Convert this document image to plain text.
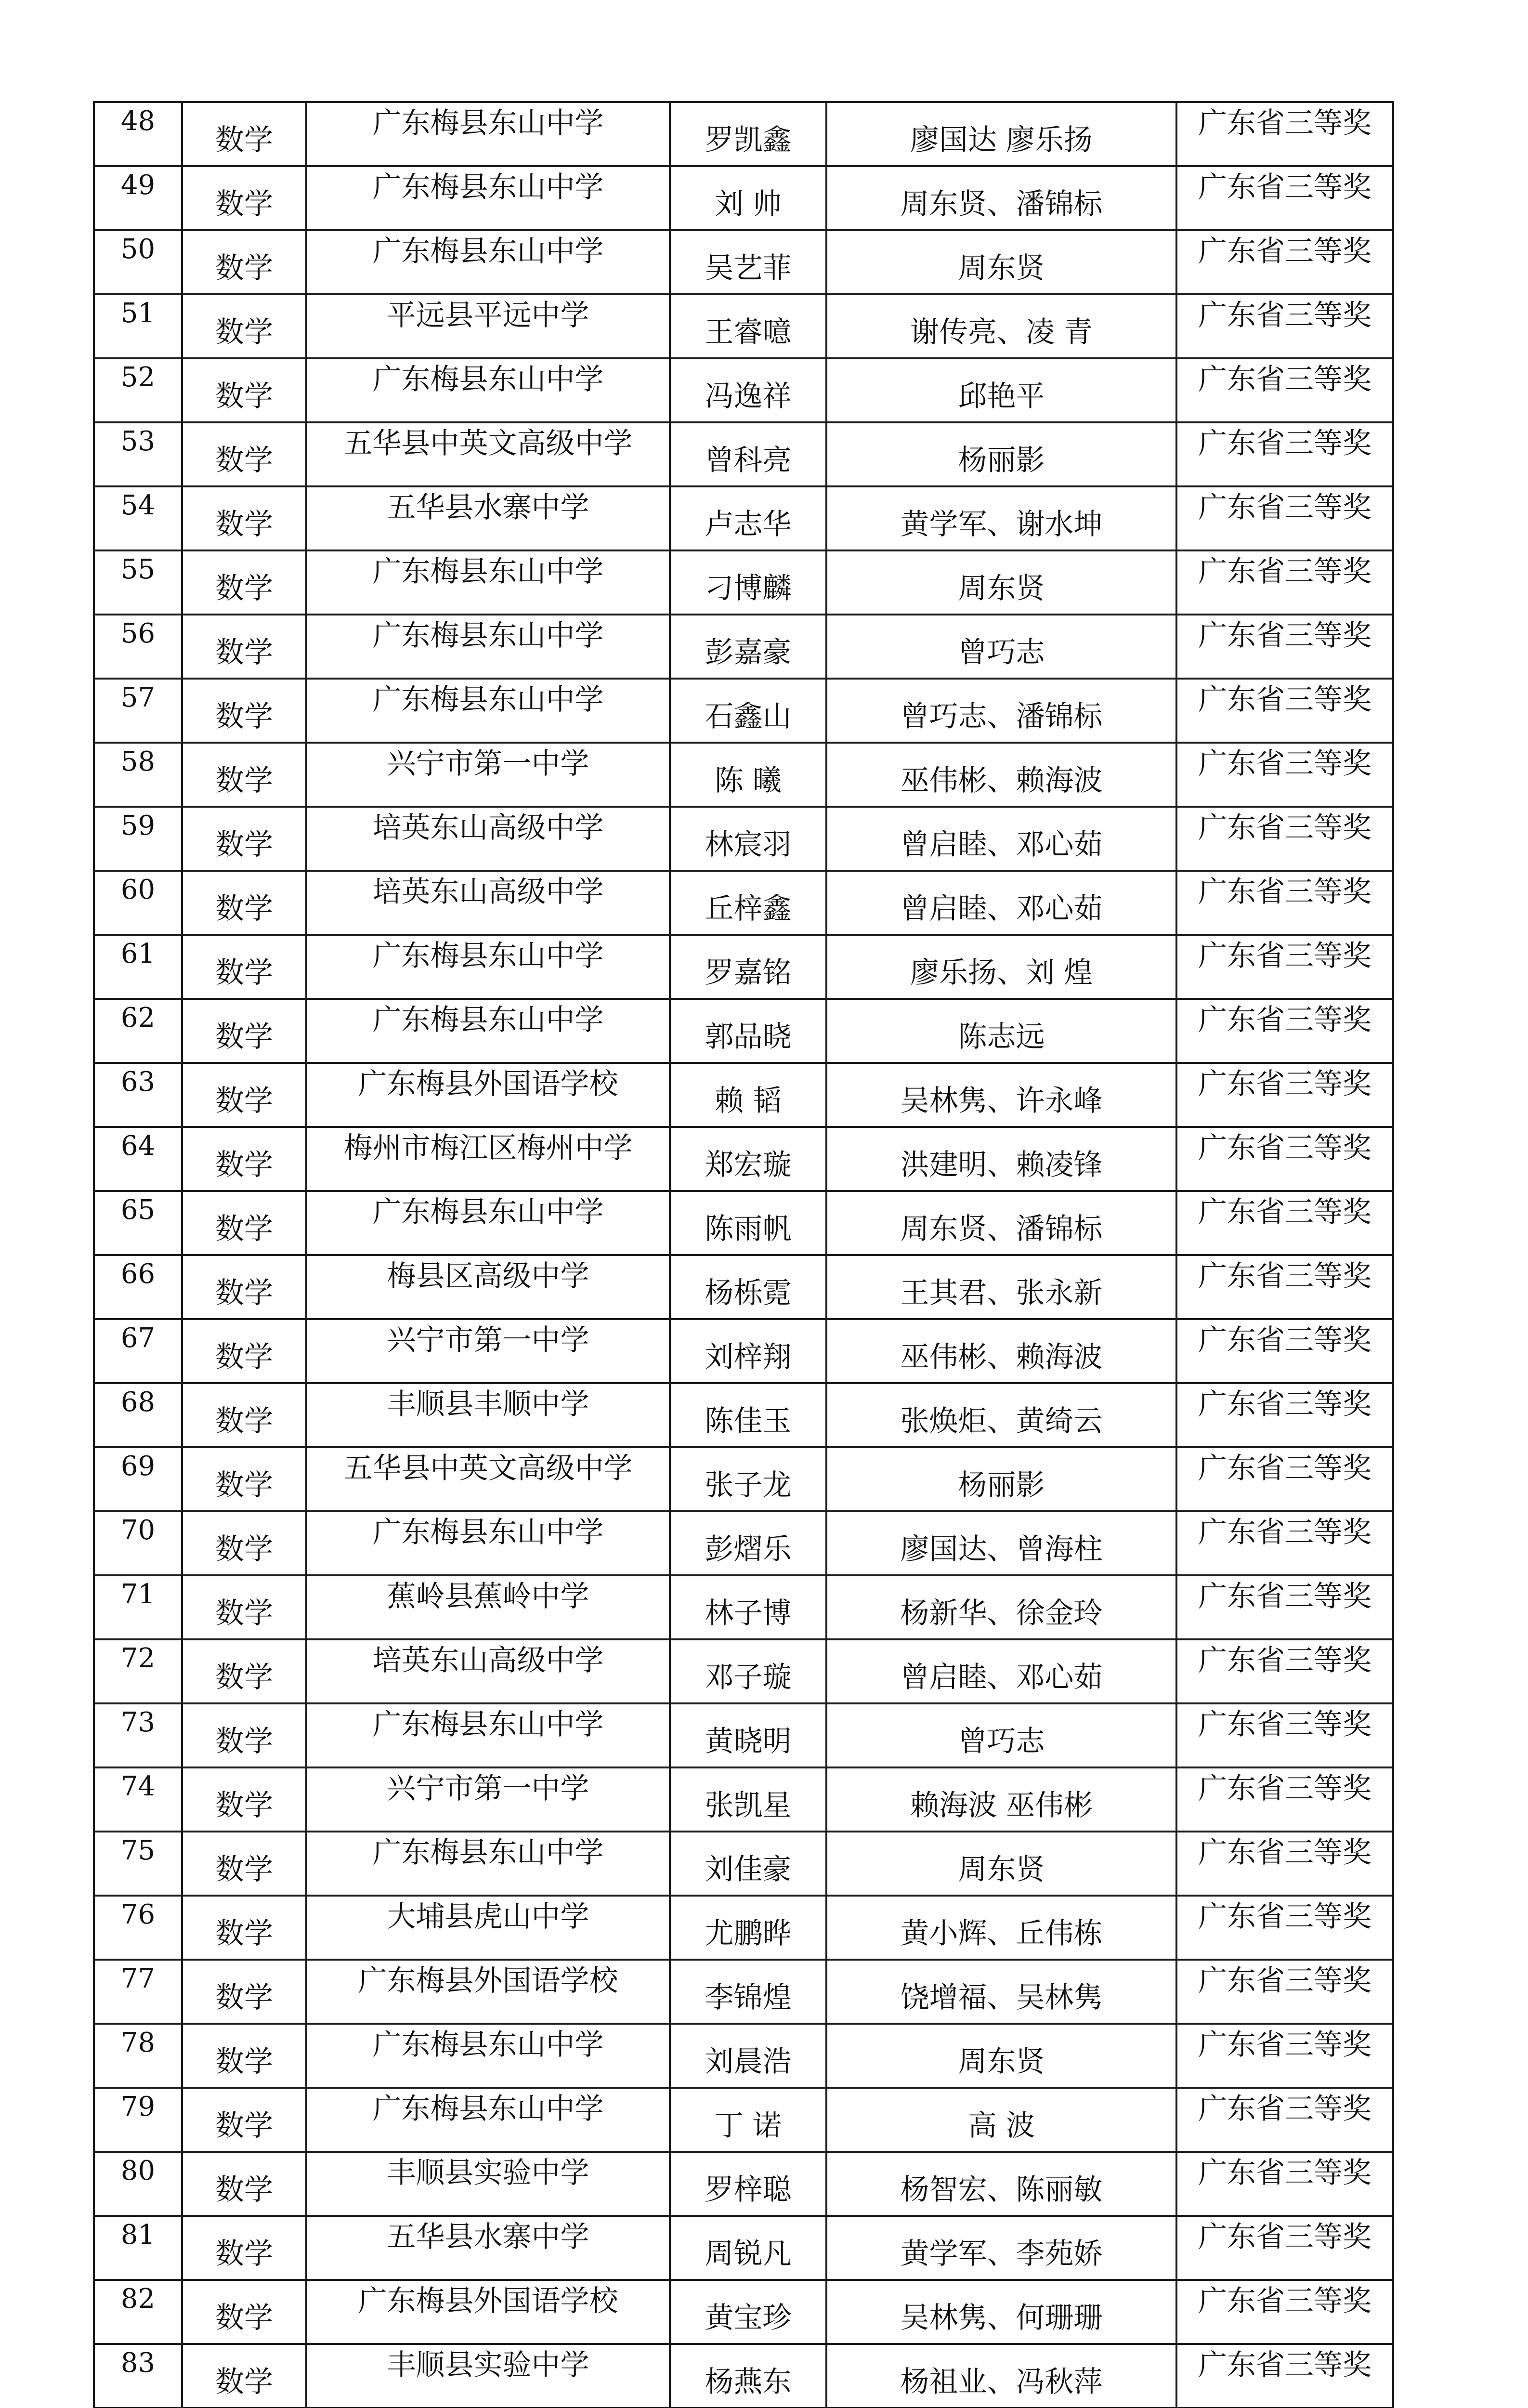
48	数学	广东梅县东山中学	罗凯鑫	廖国达 廖乐扬	广东省三等奖
49	数学	广东梅县东山中学	刘 帅	周东贤、潘锦标	广东省三等奖
50	数学	广东梅县东山中学	吴艺菲	周东贤	广东省三等奖
51	数学	平远县平远中学	王睿噫	谢传亮、凌 青	广东省三等奖
52	数学	广东梅县东山中学	冯逸祥	邱艳平	广东省三等奖
53	数学	五华县中英文高级中学	曾科亮	杨丽影	广东省三等奖
54	数学	五华县水寨中学	卢志华	黄学军、谢水坤	广东省三等奖
55	数学	广东梅县东山中学	刁博麟	周东贤	广东省三等奖
56	数学	广东梅县东山中学	彭嘉豪	曾巧志	广东省三等奖
57	数学	广东梅县东山中学	石鑫山	曾巧志、潘锦标	广东省三等奖
58	数学	兴宁市第一中学	陈 曦	巫伟彬、赖海波	广东省三等奖
59	数学	培英东山高级中学	林宸羽	曾启睦、邓心茹	广东省三等奖
60	数学	培英东山高级中学	丘梓鑫	曾启睦、邓心茹	广东省三等奖
61	数学	广东梅县东山中学	罗嘉铭	廖乐扬、刘 煌	广东省三等奖
62	数学	广东梅县东山中学	郭品晓	陈志远	广东省三等奖
63	数学	广东梅县外国语学校	赖 韬	吴林隽、许永峰	广东省三等奖
64	数学	梅州市梅江区梅州中学	郑宏璇	洪建明、赖凌锋	广东省三等奖
65	数学	广东梅县东山中学	陈雨帆	周东贤、潘锦标	广东省三等奖
66	数学	梅县区高级中学	杨栎霓	王其君、张永新	广东省三等奖
67	数学	兴宁市第一中学	刘梓翔	巫伟彬、赖海波	广东省三等奖
68	数学	丰顺县丰顺中学	陈佳玉	张焕炬、黄绮云	广东省三等奖
69	数学	五华县中英文高级中学	张子龙	杨丽影	广东省三等奖
70	数学	广东梅县东山中学	彭熠乐	廖国达、曾海柱	广东省三等奖
71	数学	蕉岭县蕉岭中学	林子博	杨新华、徐金玲	广东省三等奖
72	数学	培英东山高级中学	邓子璇	曾启睦、邓心茹	广东省三等奖
73	数学	广东梅县东山中学	黄晓明	曾巧志	广东省三等奖
74	数学	兴宁市第一中学	张凯星	赖海波 巫伟彬	广东省三等奖
75	数学	广东梅县东山中学	刘佳豪	周东贤	广东省三等奖
76	数学	大埔县虎山中学	尤鹏晔	黄小辉、丘伟栋	广东省三等奖
77	数学	广东梅县外国语学校	李锦煌	饶增福、吴林隽	广东省三等奖
78	数学	广东梅县东山中学	刘晨浩	周东贤	广东省三等奖
79	数学	广东梅县东山中学	丁 诺	高 波	广东省三等奖
80	数学	丰顺县实验中学	罗梓聪	杨智宏、陈丽敏	广东省三等奖
81	数学	五华县水寨中学	周锐凡	黄学军、李苑娇	广东省三等奖
82	数学	广东梅县外国语学校	黄宝珍	吴林隽、何珊珊	广东省三等奖
83	数学	丰顺县实验中学	杨燕东	杨祖业、冯秋萍	广东省三等奖
